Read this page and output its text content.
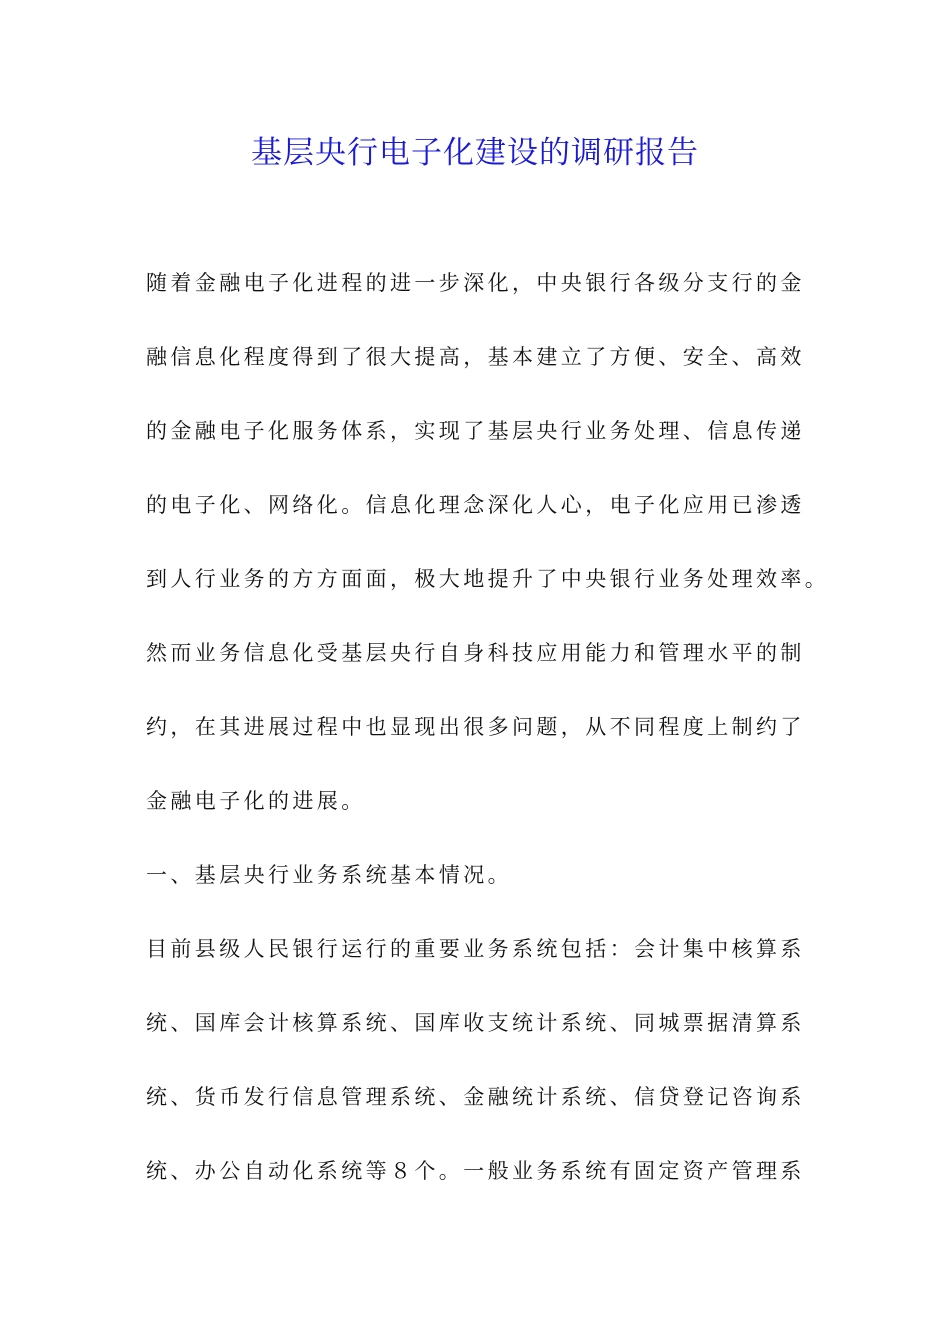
基层央行电子化建设的调研报告
随着金融电子化进程的进一步深化，中央银行各级分支行的金
融信息化程度得到了很大提高，基本建立了方便、安全、高效
的金融电子化服务体系，实现了基层央行业务处理、信息传递
的电子化、网络化。信息化理念深化人心，电子化应用已渗透
到人行业务的方方面面，极大地提升了中央银行业务处理效率。
然而业务信息化受基层央行自身科技应用能力和管理水平的制
约，在其进展过程中也显现出很多问题，从不同程度上制约了
金融电子化的进展。
一、基层央行业务系统基本情况。
目前县级人民银行运行的重要业务系统包括：会计集中核算系
统、国库会计核算系统、国库收支统计系统、同城票据清算系
统、货币发行信息管理系统、金融统计系统、信贷登记咨询系
统、办公自动化系统等８个。一般业务系统有固定资产管理系
